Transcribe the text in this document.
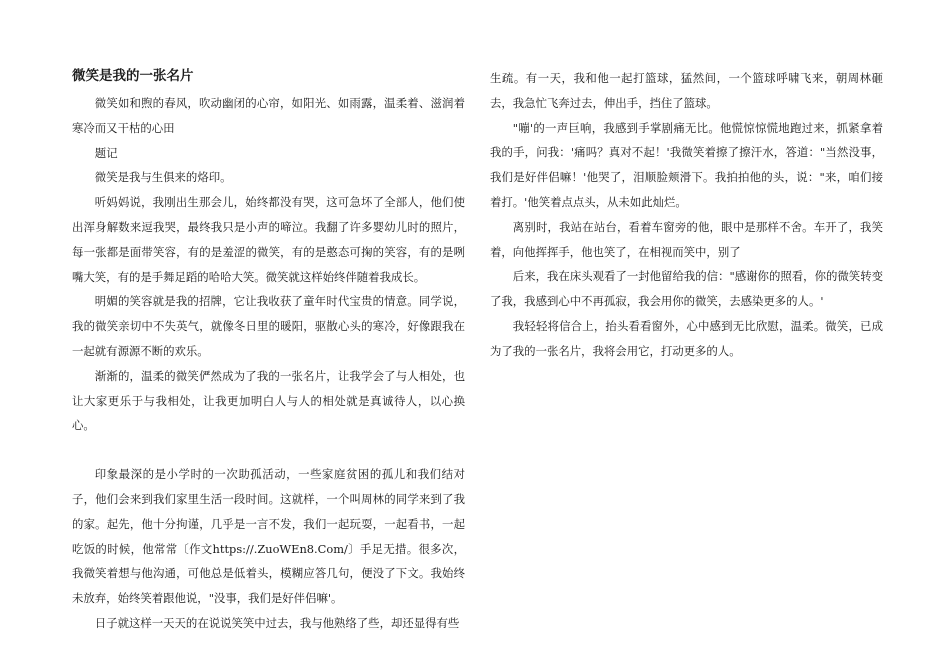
微笑是我的一张名片

微笑如和煦的春风，吹动幽闭的心帘，如阳光、如雨露，温柔着、滋润着寒冷而又干枯的心田

题记

微笑是我与生俱来的烙印。

听妈妈说，我刚出生那会儿，始终都没有哭，这可急坏了全部人，他们使出浑身解数来逗我哭，最终我只是小声的啼泣。我翻了许多婴幼儿时的照片，每一张都是面带笑容，有的是羞涩的微笑，有的是憨态可掬的笑容，有的是咧嘴大笑，有的是手舞足蹈的哈哈大笑。微笑就这样始终伴随着我成长。

明媚的笑容就是我的招牌，它让我收获了童年时代宝贵的情意。同学说，我的微笑亲切中不失英气，就像冬日里的暖阳，驱散心头的寒冷，好像跟我在一起就有源源不断的欢乐。

渐渐的，温柔的微笑俨然成为了我的一张名片，让我学会了与人相处，也让大家更乐于与我相处，让我更加明白人与人的相处就是真诚待人，以心换心。

印象最深的是小学时的一次助孤活动，一些家庭贫困的孤儿和我们结对子，他们会来到我们家里生活一段时间。这就样，一个叫周林的同学来到了我的家。起先，他十分拘谨，几乎是一言不发，我们一起玩耍，一起看书，一起吃饭的时候，他常常〔作文https://.ZuoWEn8.Com/〕手足无措。很多次，我微笑着想与他沟通，可他总是低着头，模糊应答几句，便没了下文。我始终未放弃，始终笑着跟他说，"没事，我们是好伴侣嘛'。

日子就这样一天天的在说说笑笑中过去，我与他熟络了些，却还显得有些

生疏。有一天，我和他一起打篮球，猛然间，一个篮球呼啸飞来，朝周林砸去，我急忙飞奔过去，伸出手，挡住了篮球。

"嘣'的一声巨响，我感到手掌剧痛无比。他慌惊惊慌地跑过来，抓紧拿着我的手，问我：'痛吗？真对不起！'我微笑着擦了擦汗水，答道："当然没事，我们是好伴侣嘛！'他哭了，泪顺脸颊滑下。我拍拍他的头，说："来，咱们接着打。'他笑着点点头，从未如此灿烂。

离别时，我站在站台，看着车窗旁的他，眼中是那样不舍。车开了，我笑着，向他挥挥手，他也笑了，在相视而笑中，别了

后来，我在床头观看了一封他留给我的信："感谢你的照看，你的微笑转变了我，我感到心中不再孤寂，我会用你的微笑，去感染更多的人。'

我轻轻将信合上，抬头看看窗外，心中感到无比欣慰，温柔。微笑，已成为了我的一张名片，我将会用它，打动更多的人。
